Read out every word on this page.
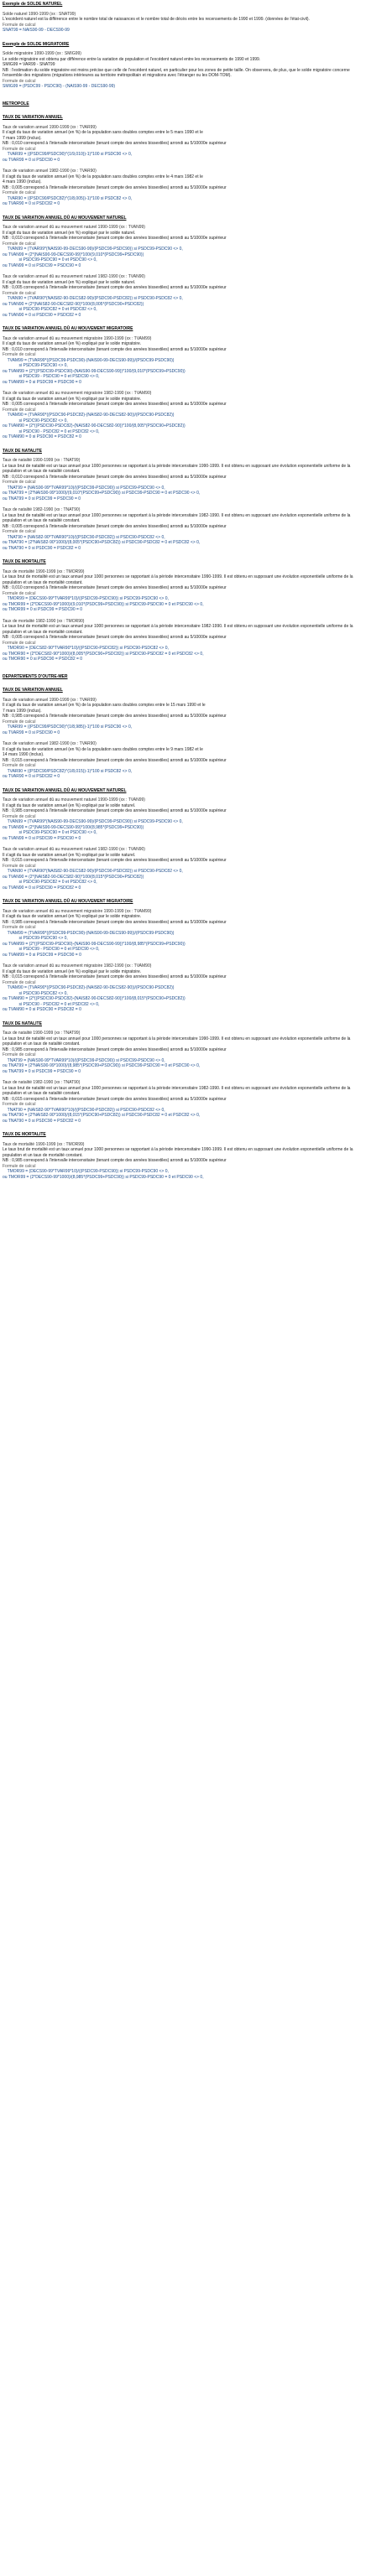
Exemple de SOLDE NATUREL
Solde naturel 1990-1999 (xx : SNAT99)
L'excédent naturel est la différence entre le nombre total de naissances et le nombre total de décès entre les recensements de 1990 et 1999. (données de l'état-civil).
Formule de calcul
SNAT99 = NAIS90-99 - DECS90-99
Exemple de SOLDE MIGRATOIRE
Solde migratoire 1990-1999 (xx : SMIG99)
Le solde migratoire est obtenu par différence entre la variation de population et l'excédent naturel entre les recensements de 1990 et 1999.
SMIG99 = VAR99 - SNAT99
NB : l'estimation du solde migratoire est moins précise que celle de l'excédent naturel, en particulier pour les zones de petite taille. On observera, de plus, que le solde migratoire concerne l'ensemble des migrations (migrations intérieures au territoire métropolitain et migrations avec l'étranger ou les DOM-TOM).
Formule de calcul
SMIG99 = (PSDC99 - PSDC90) - (NAIS90-99 - DECS90-99)
METROPOLE
TAUX DE VARIATION ANNUEL
Taux de variation annuel 1990-1999 (xx : TVAR99)
Il s'agit du taux de variation annuel (en %) de la population sans doubles comptes entre le 5 mars 1990 et le
7 mars 1999 (inclus).
NB : 0,010 correspond à l'intervalle intercensitaire (tenant compte des années bissextiles) arrondi au 5/10000e supérieur
Formule de calcul
TVAR99 = ((PSDC99/PSDC90)^(1/9,010))-1)*100 si PSDC90 <> 0,
ou TVAR99 = 0 si PSDC90 = 0
Taux de variation annuel 1982-1990 (xx : TVAR90)
Il s'agit du taux de variation annuel (en %) de la population sans doubles comptes entre le 4 mars 1982 et le
4 mars 1990 (inclus).
NB : 0,005 correspond à l'intervalle intercensitaire (tenant compte des années bissextiles) arrondi au 5/10000e supérieur
Formule de calcul
TVAR90 = ((PSDC90/PSDC82)^(1/8,005))-1)*100 si PSDC82 <> 0,
ou TVAR90 = 0 si PSDC82 = 0
TAUX DE VARIATION ANNUEL DÛ AU MOUVEMENT NATUREL
Taux de variation annuel dû au mouvement naturel 1990-1999 (xx : TVAN99)
Il s'agit du taux de variation annuel (en %) expliqué par le solde naturel.
NB : 0,010 correspond à l'intervalle intercensitaire (tenant compte des années bissextiles) arrondi au 5/10000e supérieur
Formule de calcul
TVAN99 = (TVAR99*(NAIS90-99-DECS90-99)/(PSDC99-PSDC90)) si PSDC99-PSDC90 <> 0,
ou TVAN99 = (2*(NAIS90-99-DECS90-99)*100/(9,010*(PSDC99+PSDC90))
si PSDC99-PSDC90 = 0 et PSDC90 <> 0,
ou TVAN99 = 0 si PSDC99 = PSDC90 = 0
Taux de variation annuel dû au mouvement naturel 1982-1990 (xx : TVAN90)
Il s'agit du taux de variation annuel (en %) expliqué par le solde naturel.
NB : 0,005 correspond à l'intervalle intercensitaire (tenant compte des années bissextiles) arrondi au 5/10000e supérieur
Formule de calcul
TVAN90 = (TVAR90*(NAIS82-90-DECS82-90)/(PSDC90-PSDC82)) si PSDC90-PSDC82 <> 0,
ou TVAN90 = (2*(NAIS82-90-DECS82-90)*100/(8,005*(PSDC90+PSDC82))
si PSDC90-PSDC82 = 0 et PSDC82 <> 0,
ou TVAN90 = 0 si PSDC90 = PSDC82 = 0
TAUX DE VARIATION ANNUEL DÛ AU MOUVEMENT MIGRATOIRE
Taux de variation annuel dû au mouvement migratoire 1990-1999 (xx : TVAM99)
Il s'agit du taux de variation annuel (en %) expliqué par le solde migratoire.
NB : 0,010 correspond à l'intervalle intercensitaire (tenant compte des années bissextiles) arrondi au 5/10000e supérieur
Formule de calcul
TVAM99 = (TVAR99*((PSDC99-PSDC90)-(NAIS90-99-DECS90-99))/(PSDC99-PSDC90))
si PSDC99-PSDC90 <> 0,
ou TVAM99 = (2*((PSDC99-PSDC90)-(NAIS90-99-DECS90-99))*100/(9,010*(PSDC99+PSDC90))
si PSDC99 - PSDC90 = 0 et PSDC90 <> 0,
ou TVAM99 = 0 si PSDC99 = PSDC90 = 0
Taux de variation annuel dû au mouvement migratoire 1982-1990 (xx : TVAM90)
Il s'agit du taux de variation annuel (en %) expliqué par le solde migratoire.
NB : 0,005 correspond à l'intervalle intercensitaire (tenant compte des années bissextiles) arrondi au 5/10000e supérieur
Formule de calcul
TVAM90 = (TVAR90*((PSDC90-PSDC82)-(NAIS82-90-DECS82-90))/(PSDC90-PSDC82))
si PSDC90-PSDC82 <> 0,
ou TVAM90 = (2*((PSDC90-PSDC82)-(NAIS82-90-DECS82-90))*100/(8,005*(PSDC90+PSDC82))
si PSDC90 - PSDC82 = 0 et PSDC82 <> 0,
ou TVAM90 = 0 si PSDC90 = PSDC82 = 0
TAUX DE NATALITE
Taux de natalité 1990-1999 (xx : TNAT99)
Le taux brut de natalité est un taux annuel pour 1000 personnes se rapportant à la période intercensitaire 1990-1999. Il est obtenu en supposant une évolution exponentielle uniforme de la population et un taux de natalité constant.
NB : 0,010 correspond à l'intervalle intercensitaire (tenant compte des années bissextiles) arrondi au 5/10000e supérieur
Formule de calcul
TNAT99 = (NAIS90-99*TVAR99*10)/((PSDC99-PSDC90)) si PSDC99-PSDC90 <> 0,
ou TNAT99 = (2*NAIS90-99*1000)/(9,010*(PSDC99+PSDC90)) si PSDC99-PSDC90 = 0 et PSDC90 <> 0,
ou TNAT99 = 0 si PSDC99 = PSDC90 = 0
Taux de natalité 1982-1990 (xx : TNAT90)
Le taux brut de natalité est un taux annuel pour 1000 personnes se rapportant à la période intercensitaire 1982-1990. Il est obtenu en supposant une évolution exponentielle uniforme de la population et un taux de natalité constant.
NB : 0,005 correspond à l'intervalle intercensitaire (tenant compte des années bissextiles) arrondi au 5/10000e supérieur
Formule de calcul
TNAT90 = (NAIS82-90*TVAR90*10)/((PSDC90-PSDC82)) si PSDC90-PSDC82 <> 0,
ou TNAT90 = (2*NAIS82-90*1000)/(8,005*(PSDC90+PSDC82)) si PSDC90-PSDC82 = 0 et PSDC82 <> 0,
ou TNAT90 = 0 si PSDC90 = PSDC82 = 0
TAUX DE MORTALITE
Taux de mortalité 1990-1999 (xx : TMOR99)
Le taux brut de mortalité est un taux annuel pour 1000 personnes se rapportant à la période intercensitaire 1990-1999. Il est obtenu en supposant une évolution exponentielle uniforme de la population et un taux de mortalité constant.
NB : 0,010 correspond à l'intervalle intercensitaire (tenant compte des années bissextiles) arrondi au 5/10000e supérieur
Formule de calcul
TMOR99 = (DECS90-99*TVAR99*10)/((PSDC99-PSDC90)) si PSDC99-PSDC90 <> 0,
ou TMOR99 = (2*DECS90-99*1000)/(9,010*(PSDC99+PSDC90)) si PSDC99-PSDC90 = 0 et PSDC90 <> 0,
ou TMOR99 = 0 si PSDC99 = PSDC90 = 0
Taux de mortalité 1982-1990 (xx : TMOR90)
Le taux brut de mortalité est un taux annuel pour 1000 personnes se rapportant à la période intercensitaire 1982-1990. Il est obtenu en supposant une évolution exponentielle uniforme de la population et un taux de mortalité constant.
NB : 0,005 correspond à l'intervalle intercensitaire (tenant compte des années bissextiles) arrondi au 5/10000e supérieur
Formule de calcul
TMOR90 = (DECS82-90*TVAR90*10)/((PSDC90-PSDC82)) si PSDC90-PSDC82 <> 0,
ou TMOR90 = (2*DECS82-90*1000)/(8,005*(PSDC90+PSDC82)) si PSDC90-PSDC82 = 0 et PSDC82 <> 0,
ou TMOR90 = 0 si PSDC90 = PSDC82 = 0
DEPARTEMENTS D'OUTRE-MER
TAUX DE VARIATION ANNUEL
Taux de variation annuel 1990-1999 (xx : TVAR99)
Il s'agit du taux de variation annuel (en %) de la population sans doubles comptes entre le 15 mars 1990 et le
7 mars 1999 (inclus).
NB : 0,985 correspond à l'intervalle intercensitaire (tenant compte des années bissextiles) arrondi au 5/10000e supérieur
Formule de calcul
TVAR99 = ((PSDC99/PSDC90)^(1/8,985))-1)*100 si PSDC90 <> 0,
ou TVAR99 = 0 si PSDC90 = 0
Taux de variation annuel 1982-1990 (xx : TVAR90)
Il s'agit du taux de variation annuel (en %) de la population sans doubles comptes entre le 9 mars 1982 et le
14 mars 1990 (inclus).
NB : 0,015 correspond à l'intervalle intercensitaire (tenant compte des années bissextiles) arrondi au 5/10000e supérieur
Formule de calcul
TVAR90 = ((PSDC90/PSDC82)^(1/8,015))-1)*100 si PSDC82 <> 0,
ou TVAR90 = 0 si PSDC82 = 0
TAUX DE VARIATION ANNUEL DÛ AU MOUVEMENT NATUREL
Taux de variation annuel dû au mouvement naturel 1990-1999 (xx : TVAN99)
Il s'agit du taux de variation annuel (en %) expliqué par le solde naturel.
NB : 0,985 correspond à l'intervalle intercensitaire (tenant compte des années bissextiles) arrondi au 5/10000e supérieur
Formule de calcul
TVAN99 = (TVAR99*(NAIS90-99-DECS90-99)/(PSDC99-PSDC90)) si PSDC99-PSDC90 <> 0,
ou TVAN99 = (2*(NAIS90-99-DECS90-99)*100/(8,985*(PSDC99+PSDC90))
si PSDC99-PSDC90 = 0 et PSDC90 <> 0,
ou TVAN99 = 0 si PSDC99 = PSDC90 = 0
Taux de variation annuel dû au mouvement naturel 1982-1990 (xx : TVAN90)
Il s'agit du taux de variation annuel (en %) expliqué par le solde naturel.
NB : 0,015 correspond à l'intervalle intercensitaire (tenant compte des années bissextiles) arrondi au 5/10000e supérieur
Formule de calcul
TVAN90 = (TVAR90*(NAIS82-90-DECS82-90)/(PSDC90-PSDC82)) si PSDC90-PSDC82 <> 0,
ou TVAN90 = (2*(NAIS82-90-DECS82-90)*100/(8,015*(PSDC90+PSDC82))
si PSDC90-PSDC82 = 0 et PSDC82 <> 0,
ou TVAN90 = 0 si PSDC90 = PSDC82 = 0
TAUX DE VARIATION ANNUEL DÛ AU MOUVEMENT MIGRATOIRE
Taux de variation annuel dû au mouvement migratoire 1990-1999 (xx : TVAM99)
Il s'agit du taux de variation annuel (en %) expliqué par le solde migratoire.
NB : 0,985 correspond à l'intervalle intercensitaire (tenant compte des années bissextiles) arrondi au 5/10000e supérieur
Formule de calcul
TVAM99 = (TVAR99*((PSDC99-PSDC90)-(NAIS90-99-DECS90-99))/(PSDC99-PSDC90))
si PSDC99-PSDC90 <> 0,
ou TVAM99 = (2*((PSDC99-PSDC90)-(NAIS90-99-DECS90-99))*100/(8,985*(PSDC99+PSDC90))
si PSDC99 - PSDC90 = 0 et PSDC90 <> 0,
ou TVAM99 = 0 si PSDC99 = PSDC90 = 0
Taux de variation annuel dû au mouvement migratoire 1982-1990 (xx : TVAM90)
Il s'agit du taux de variation annuel (en %) expliqué par le solde migratoire.
NB : 0,015 correspond à l'intervalle intercensitaire (tenant compte des années bissextiles) arrondi au 5/10000e supérieur
Formule de calcul
TVAM90 = (TVAR90*((PSDC90-PSDC82)-(NAIS82-90-DECS82-90))/(PSDC90-PSDC82))
si PSDC90-PSDC82 <> 0,
ou TVAM90 = (2*((PSDC90-PSDC82)-(NAIS82-90-DECS82-90))*100/(8,015*(PSDC90+PSDC82))
si PSDC90 - PSDC82 = 0 et PSDC82 <> 0,
ou TVAM90 = 0 si PSDC90 = PSDC82 = 0
TAUX DE NATALITE
Taux de natalité 1990-1999 (xx : TNAT99)
Le taux brut de natalité est un taux annuel pour 1000 personnes se rapportant à la période intercensitaire 1990-1999. Il est obtenu en supposant une évolution exponentielle uniforme de la population et un taux de natalité constant.
NB : 0,985 correspond à l'intervalle intercensitaire (tenant compte des années bissextiles) arrondi au 5/10000e supérieur
Formule de calcul
TNAT99 = (NAIS90-99*TVAR99*10)/((PSDC99-PSDC90)) si PSDC99-PSDC90 <> 0,
ou TNAT99 = (2*NAIS90-99*1000)/(8,985*(PSDC99+PSDC90)) si PSDC99-PSDC90 = 0 et PSDC90 <> 0,
ou TNAT99 = 0 si PSDC99 = PSDC90 = 0
Taux de natalité 1982-1990 (xx : TNAT90)
Le taux brut de natalité est un taux annuel pour 1000 personnes se rapportant à la période intercensitaire 1982-1990. Il est obtenu en supposant une évolution exponentielle uniforme de la population et un taux de natalité constant.
NB : 0,015 correspond à l'intervalle intercensitaire (tenant compte des années bissextiles) arrondi au 5/10000e supérieur
Formule de calcul
TNAT90 = (NAIS82-90*TVAR90*10)/((PSDC90-PSDC82)) si PSDC90-PSDC82 <> 0,
ou TNAT90 = (2*NAIS82-90*1000)/(8,015*(PSDC90+PSDC82)) si PSDC90-PSDC82 = 0 et PSDC82 <> 0,
ou TNAT90 = 0 si PSDC90 = PSDC82 = 0
TAUX DE MORTALITE
Taux de mortalité 1990-1999 (xx : TMOR99)
Le taux brut de mortalité est un taux annuel pour 1000 personnes se rapportant à la période intercensitaire 1990-1999. Il est obtenu en supposant une évolution exponentielle uniforme de la population et un taux de mortalité constant.
NB : 0,985 correspond à l'intervalle intercensitaire (tenant compte des années bissextiles) arrondi au 5/10000e supérieur
Formule de calcul
TMOR99 = (DECS90-99*TVAR99*10)/((PSDC99-PSDC90)) si PSDC99-PSDC90 <> 0,
ou TMOR99 = (2*DECS90-99*1000)/(8,985*(PSDC99+PSDC90)) si PSDC99-PSDC90 = 0 et PSDC90 <> 0,
